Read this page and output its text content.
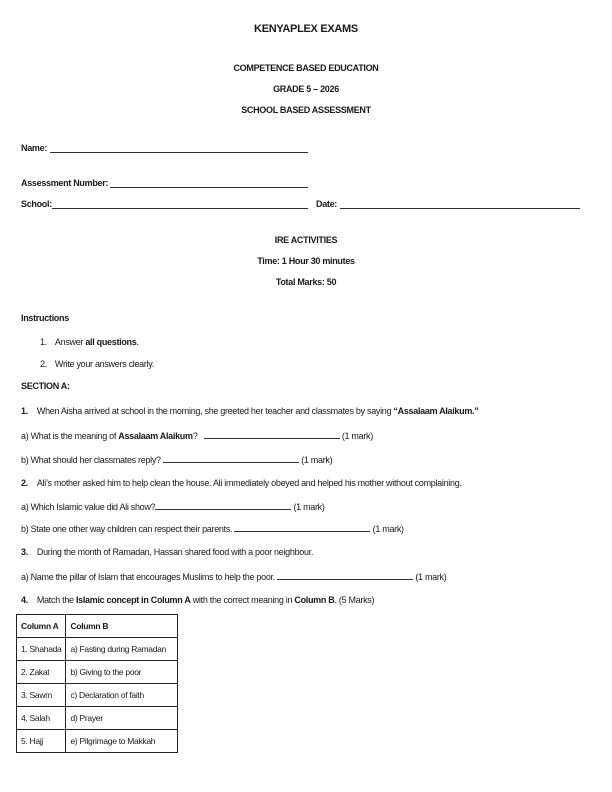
KENYAPLEX EXAMS
COMPETENCE BASED EDUCATION
GRADE 5 – 2026
SCHOOL BASED ASSESSMENT
Name:
Assessment Number:
School:	Date:
IRE ACTIVITIES
Time: 1 Hour 30 minutes
Total Marks: 50
Instructions
1. Answer all questions.
2. Write your answers clearly.
SECTION A:
1. When Aisha arrived at school in the morning, she greeted her teacher and classmates by saying “Assalaam Alaikum.”
a) What is the meaning of Assalaam Alaikum?	(1 mark)
b) What should her classmates reply?	(1 mark)
2. Ali’s mother asked him to help clean the house. Ali immediately obeyed and helped his mother without complaining.
a) Which Islamic value did Ali show?	(1 mark)
b) State one other way children can respect their parents.	(1 mark)
3. During the month of Ramadan, Hassan shared food with a poor neighbour.
a) Name the pillar of Islam that encourages Muslims to help the poor.	(1 mark)
4. Match the Islamic concept in Column A with the correct meaning in Column B. (5 Marks)
Column A	Column B
1. Shahada	a) Fasting during Ramadan
2. Zakat	b) Giving to the poor
3. Sawm	c) Declaration of faith
4. Salah	d) Prayer
5. Hajj	e) Pilgrimage to Makkah
